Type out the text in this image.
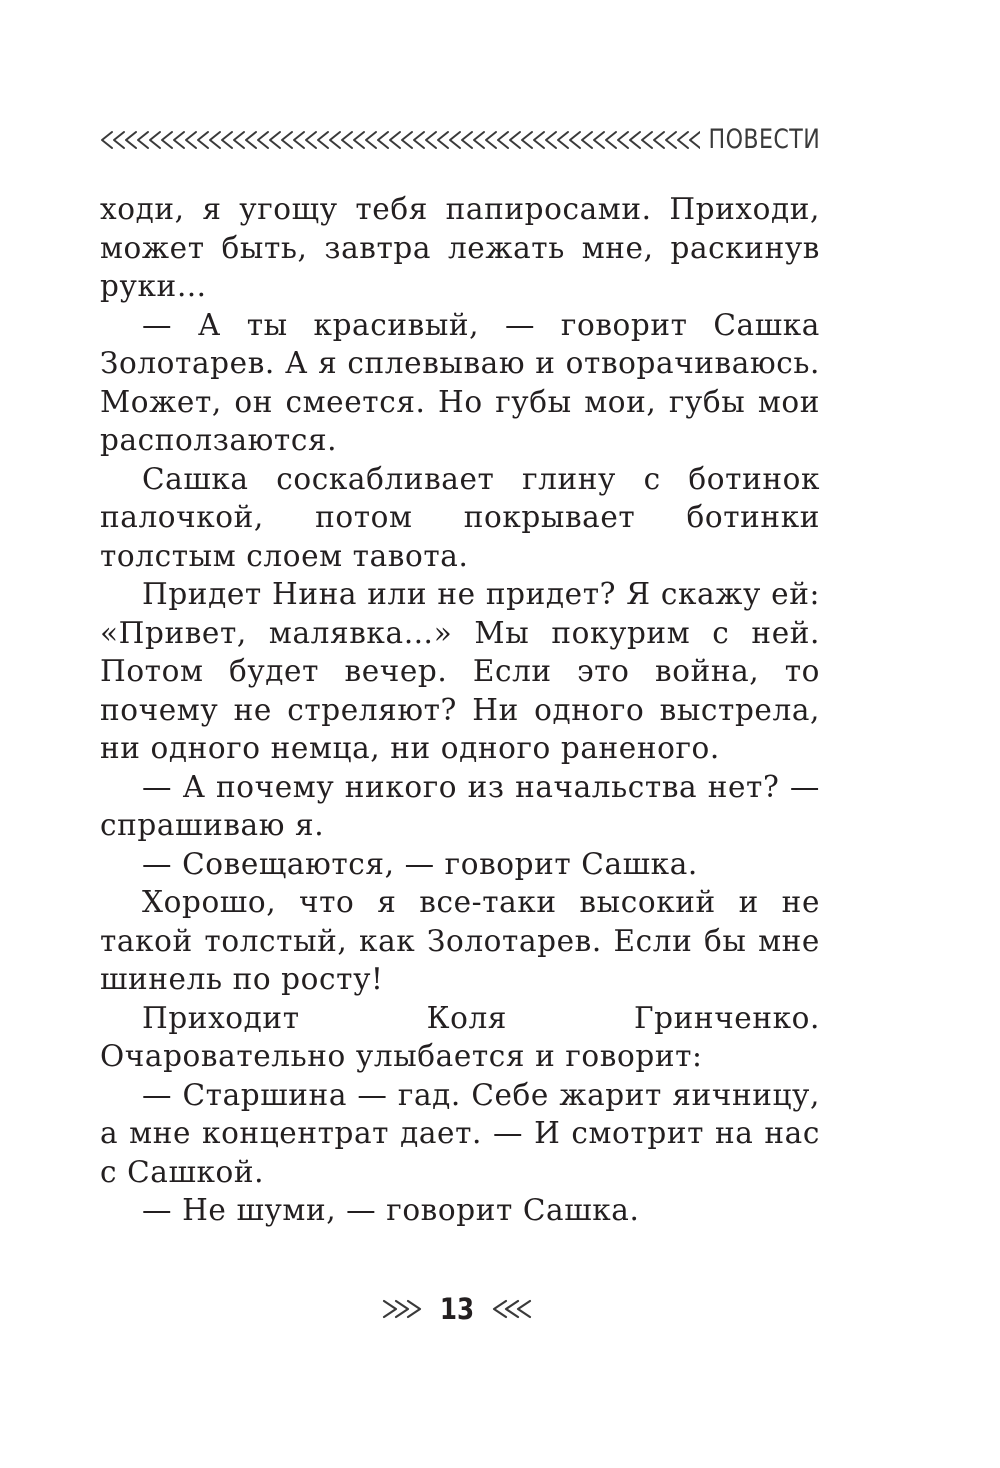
ПОВЕСТИ

ходи, я угощу тебя папиросами. Приходи, может быть, завтра лежать мне, раскинув руки…

— А ты красивый, — говорит Сашка Золотарев. А я сплевываю и отворачиваюсь. Может, он смеется. Но губы мои, губы мои расползаются.

Сашка соскабливает глину с ботинок палочкой, потом покрывает ботинки толстым слоем тавота.

Придет Нина или не придет? Я скажу ей: «Привет, малявка…» Мы покурим с ней. Потом будет вечер. Если это война, то почему не стреляют? Ни одного выстрела, ни одного немца, ни одного раненого.

— А почему никого из начальства нет? — спрашиваю я.

— Совещаются, — говорит Сашка.

Хорошо, что я все-таки высокий и не такой толстый, как Золотарев. Если бы мне шинель по росту!

Приходит Коля Гринченко. Очаровательно улыбается и говорит:

— Старшина — гад. Себе жарит яичницу, а мне концентрат дает. — И смотрит на нас с Сашкой.

— Не шуми, — говорит Сашка.

13
